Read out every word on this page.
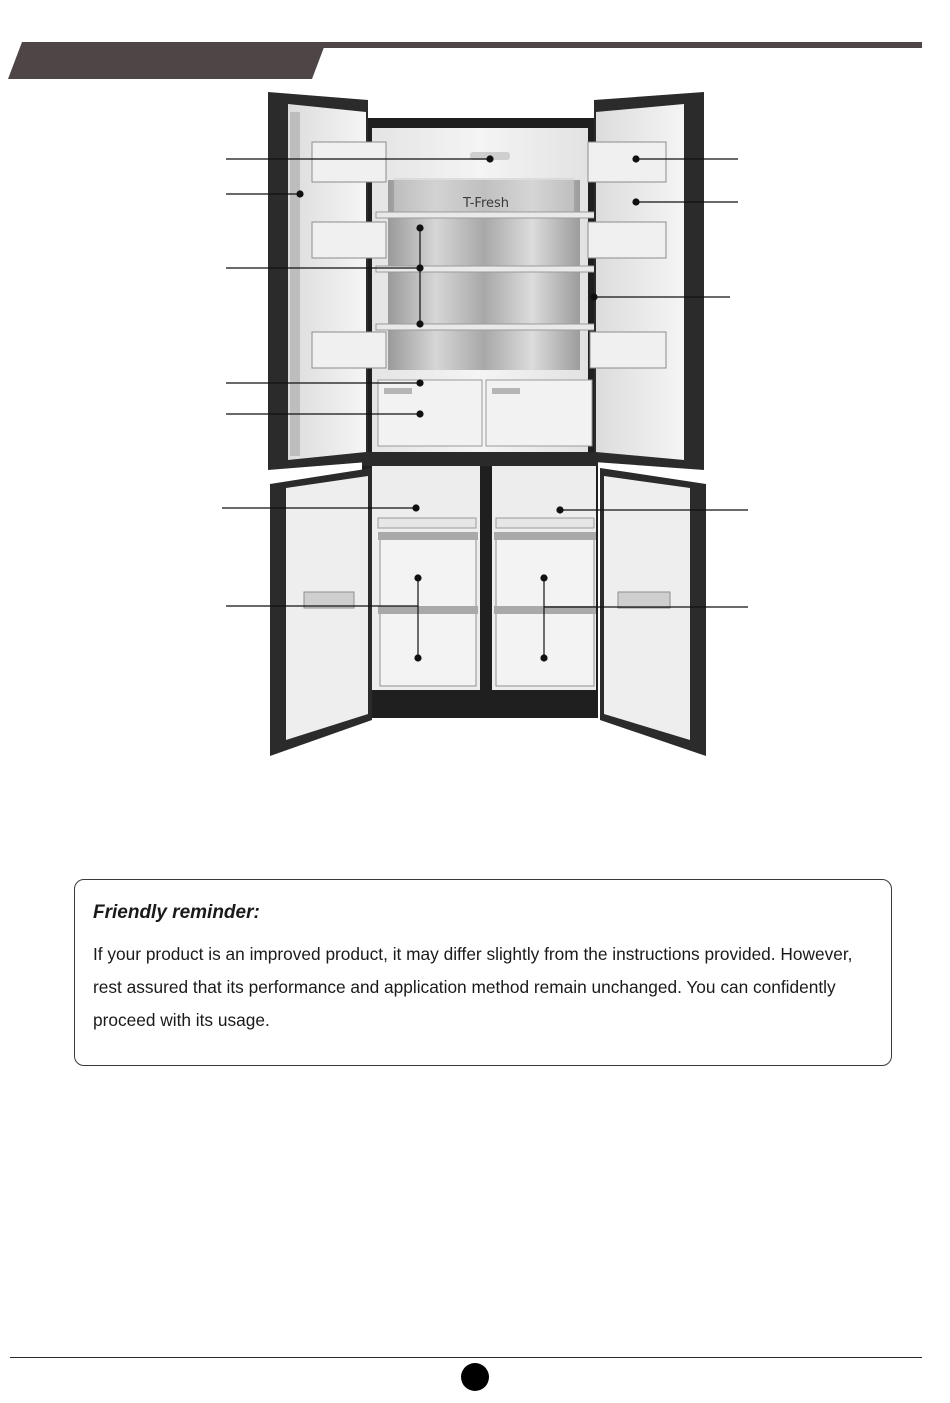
T-Fresh

Friendly reminder:

If your product is an improved product, it may differ slightly from the instructions provided. However, rest assured that its performance and application method remain unchanged. You can confidently proceed with its usage.
